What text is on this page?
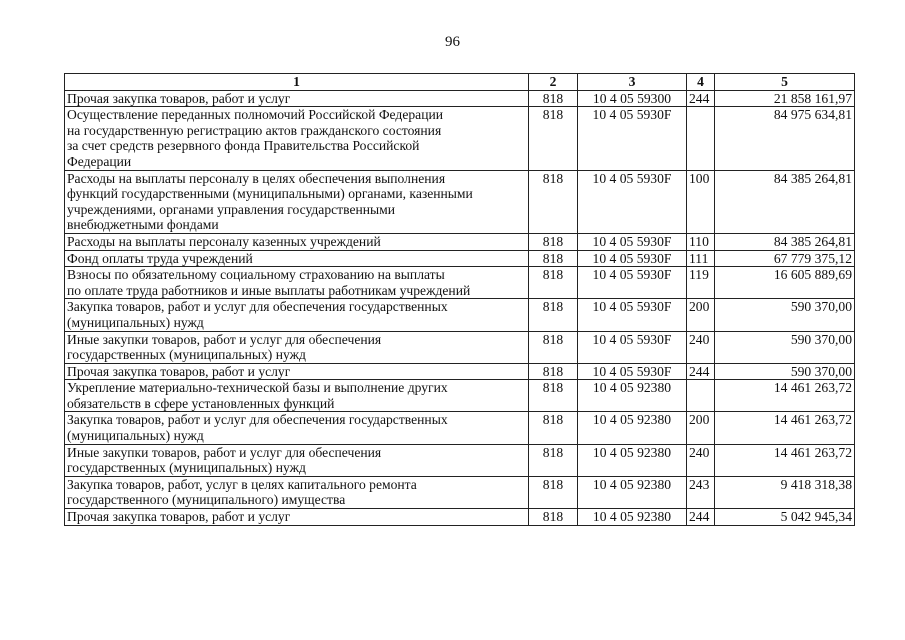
96
1	2	3	4	5
Прочая закупка товаров, работ и услуг	818	10 4 05 59300	244	21 858 161,97
Осуществление переданных полномочий Российской Федерации
на государственную регистрацию актов гражданского состояния
за счет средств резервного фонда Правительства Российской
Федерации	818	10 4 05 5930F		84 975 634,81
Расходы на выплаты персоналу в целях обеспечения выполнения
функций государственными (муниципальными) органами, казенными
учреждениями, органами управления государственными
внебюджетными фондами	818	10 4 05 5930F	100	84 385 264,81
Расходы на выплаты персоналу казенных учреждений	818	10 4 05 5930F	110	84 385 264,81
Фонд оплаты труда учреждений	818	10 4 05 5930F	111	67 779 375,12
Взносы по обязательному социальному страхованию на выплаты
по оплате труда работников и иные выплаты работникам учреждений	818	10 4 05 5930F	119	16 605 889,69
Закупка товаров, работ и услуг для обеспечения государственных
(муниципальных) нужд	818	10 4 05 5930F	200	590 370,00
Иные закупки товаров, работ и услуг для обеспечения
государственных (муниципальных) нужд	818	10 4 05 5930F	240	590 370,00
Прочая закупка товаров, работ и услуг	818	10 4 05 5930F	244	590 370,00
Укрепление материально-технической базы и выполнение других
обязательств в сфере установленных функций	818	10 4 05 92380		14 461 263,72
Закупка товаров, работ и услуг для обеспечения государственных
(муниципальных) нужд	818	10 4 05 92380	200	14 461 263,72
Иные закупки товаров, работ и услуг для обеспечения
государственных (муниципальных) нужд	818	10 4 05 92380	240	14 461 263,72
Закупка товаров, работ, услуг в целях капитального ремонта
государственного (муниципального) имущества	818	10 4 05 92380	243	9 418 318,38
Прочая закупка товаров, работ и услуг	818	10 4 05 92380	244	5 042 945,34
